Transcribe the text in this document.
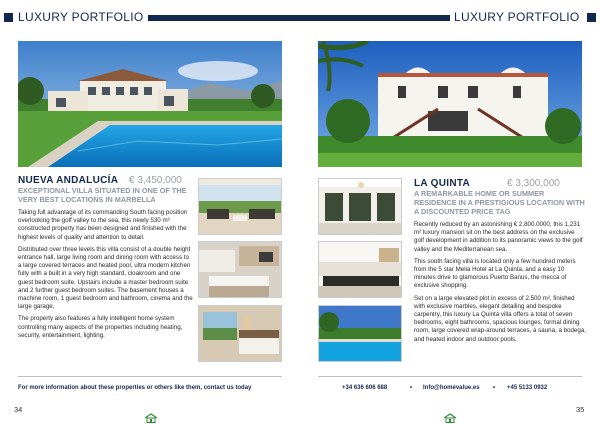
LUXURY PORTFOLIO
NUEVA ANDALUCÍA € 3,450,000
EXCEPTIONAL VILLA SITUATED IN ONE OF THE VERY BEST LOCATIONS IN MARBELLA

Taking full advantage of its commanding South facing position overlooking the golf valley to the sea, this newly 530 m² constructed property has been designed and finished with the highest levels of quality and attention to detail.

Distributed over three levels this villa consist of a double height entrance hall, large living room and dining room with access to a large covered terraces and heated pool, ultra modern kitchen fully with a built in a very high standard, cloakroom and one guest bedroom suite. Upstairs include a master bedroom suite and 2 further guest bedroom suites. The basement houses a machine room, 1 guest bedroom and bathroom, cinema and the large garage.

The property also features a fully intelligent home system controlling many aspects of the properties including heating, security, entertainment, lighting.

For more information about these properties or others like them, contact us today
34
LUXURY PORTFOLIO
LA QUINTA	€ 3,300,000
A REMARKABLE HOME OR SUMMER RESIDENCE IN A PRESTIGIOUS LOCATION WITH A DISCOUNTED PRICE TAG

Recently reduced by an astonishing € 2.800.0000, this 1,231 m² luxury mansion sit on the best address on the exclusive golf development in addition to its panoramic views to the golf valley and the Mediterranean sea.

This south facing villa is located only a few hundred meters from the 5 star Melia Hotel at La Quinta, and a easy 10 minutes drive to glamorous Puerto Banus, the mecca of exclusive shopping.

Set on a large elevated plot in excess of 2.500 m², finished with exclusive marbles, elegant detailing and bespoke carpentry, this luxury La Quinta villa offers a total of seven bedrooms, eight bathrooms, spacious lounges, formal dining room, large covered wrap-around terraces, a sauna, a bodega, and heated indoor and outdoor pools.

+34 636 606 688	• Info@homevalue.es • +45 5133 0932
35
